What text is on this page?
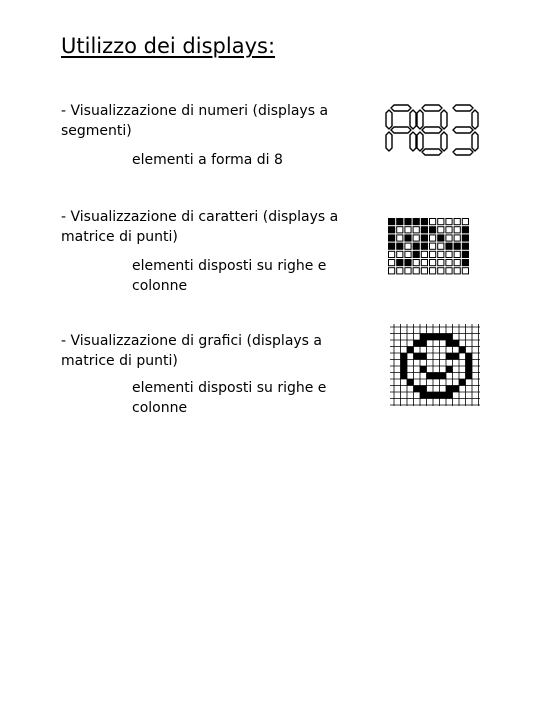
Utilizzo dei displays:
- Visualizzazione di numeri (displays a segmenti)
elementi a forma di 8
- Visualizzazione di caratteri (displays a matrice di punti)
elementi disposti su righe e colonne
- Visualizzazione di grafici (displays a matrice di punti)
elementi disposti su righe e colonne
